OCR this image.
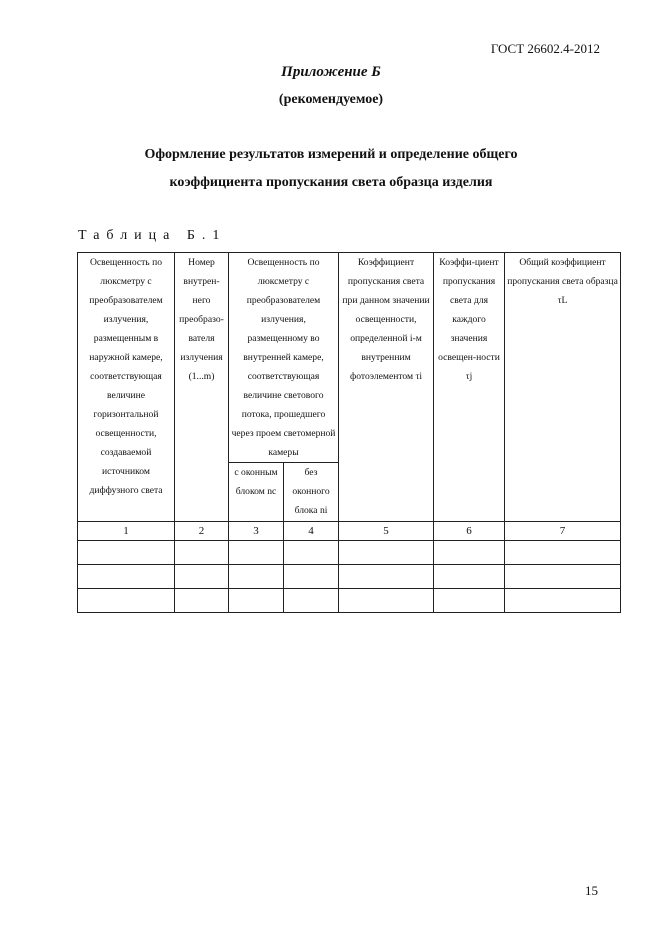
ГОСТ 26602.4-2012
Приложение Б
(рекомендуемое)
Оформление результатов измерений и определение общего
коэффициента пропускания света образца изделия
Таблица Б.1
Освещенность по люксметру с преобразователем излучения, размещенным в наружной камере, соответствующая величине горизонтальной освещенности, создаваемой источником диффузного света	Номер внутрен-него преобразо-вателя излучения (1...m)	Освещенность по люксметру с преобразователем излучения, размещенному во внутренней камере, соответствующая величине светового потока, прошедшего через проем светомерной камеры		Коэффициент пропускания света при данном значении освещенности, определенной i-м внутренним фотоэлементом τi	Коэффи-циент пропускания света для каждого значения освещен-ности τj	Общий коэффициент пропускания света образца τL
		с оконным блоком nс	без оконного блока ni			
1	2	3	4	5	6	7

15
